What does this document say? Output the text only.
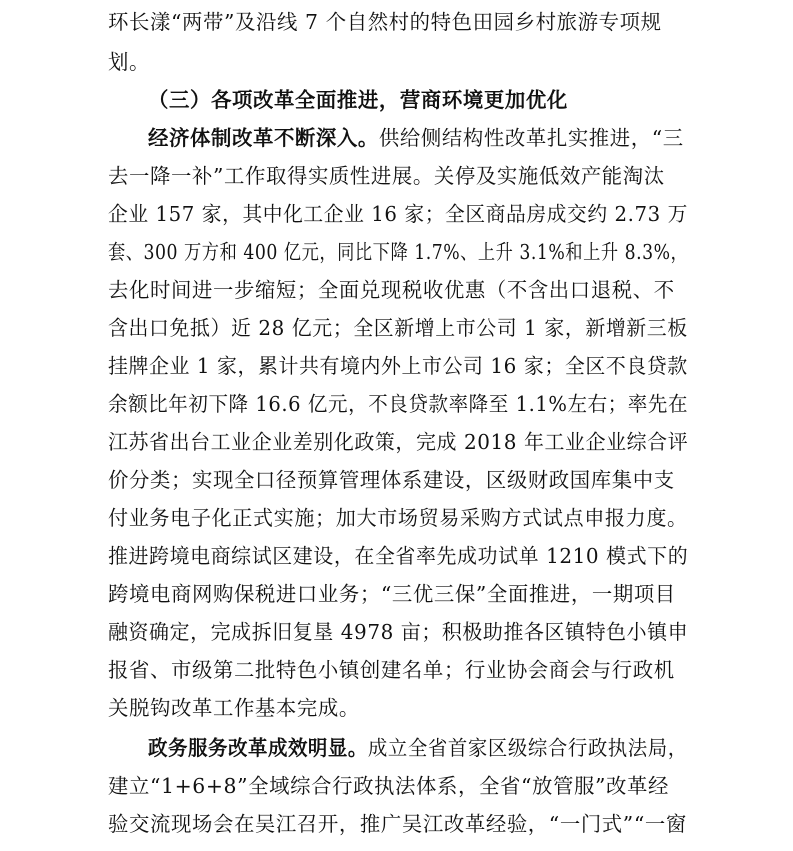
环长漾“两带”及沿线 7 个自然村的特色田园乡村旅游专项规
划。
（三）各项改革全面推进，营商环境更加优化
经济体制改革不断深入。供给侧结构性改革扎实推进，“三
去一降一补”工作取得实质性进展。关停及实施低效产能淘汰
企业 157 家，其中化工企业 16 家；全区商品房成交约 2.73 万
套、300 万方和 400 亿元，同比下降 1.7%、上升 3.1%和上升 8.3%，
去化时间进一步缩短；全面兑现税收优惠（不含出口退税、不
含出口免抵）近 28 亿元；全区新增上市公司 1 家，新增新三板
挂牌企业 1 家，累计共有境内外上市公司 16 家；全区不良贷款
余额比年初下降 16.6 亿元，不良贷款率降至 1.1%左右；率先在
江苏省出台工业企业差别化政策，完成 2018 年工业企业综合评
价分类；实现全口径预算管理体系建设，区级财政国库集中支
付业务电子化正式实施；加大市场贸易采购方式试点申报力度。
推进跨境电商综试区建设，在全省率先成功试单 1210 模式下的
跨境电商网购保税进口业务；“三优三保”全面推进，一期项目
融资确定，完成拆旧复垦 4978 亩；积极助推各区镇特色小镇申
报省、市级第二批特色小镇创建名单；行业协会商会与行政机
关脱钩改革工作基本完成。
政务服务改革成效明显。成立全省首家区级综合行政执法局，
建立“1+6+8”全域综合行政执法体系，全省“放管服”改革经
验交流现场会在吴江召开，推广吴江改革经验，“一门式”“一窗
